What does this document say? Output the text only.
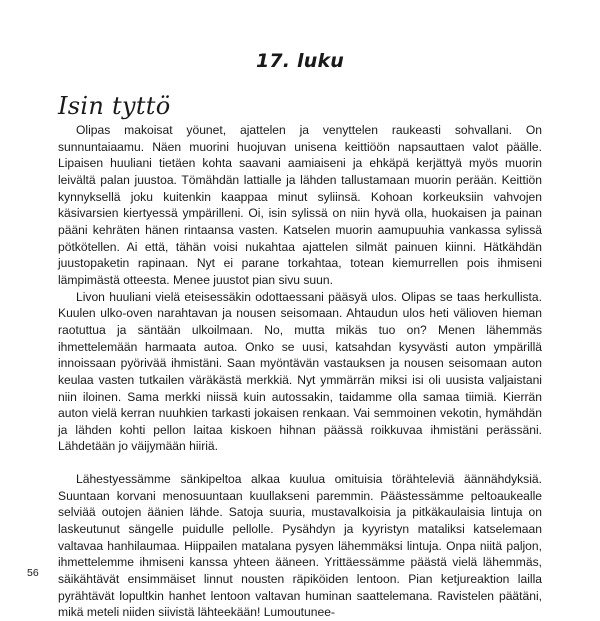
17. luku
Isin tyttö

Olipas makoisat yöunet, ajattelen ja venyttelen raukeasti sohvallani. On sunnuntaiaamu. Näen muorini huojuvan unisena keittiöön napsauttaen valot päälle. Lipaisen huuliani tietäen kohta saavani aamiaiseni ja ehkäpä kerjättyä myös muorin leivältä palan juustoa. Tömähdän lattialle ja lähden tallustamaan muorin perään. Keittiön kynnyksellä joku kuitenkin kaappaa minut syliinsä. Kohoan korkeuksiin vahvojen käsivarsien kiertyessä ympärilleni. Oi, isin sylissä on niin hyvä olla, huokaisen ja painan pääni kehräten hänen rintaansa vasten. Katselen muorin aamupuuhia vankassa sylissä pötkötellen. Ai että, tähän voisi nukahtaa ajattelen silmät painuen kiinni. Hätkähdän juustopaketin rapinaan. Nyt ei parane torkahtaa, totean kiemurrellen pois ihmiseni lämpimästä otteesta. Menee juustot pian sivu suun.

Livon huuliani vielä eteisessäkin odottaessani pääsyä ulos. Olipas se taas herkullista. Kuulen ulko-oven narahtavan ja nousen seisomaan. Ahtaudun ulos heti välioven hieman raotuttua ja säntään ulkoilmaan. No, mutta mikäs tuo on? Menen lähemmäs ihmettelemään harmaata autoa. Onko se uusi, katsahdan kysyvästi auton ympärillä innoissaan pyörivää ihmistäni. Saan myöntävän vastauksen ja nousen seisomaan auton keulaa vasten tutkailen väräkästä merkkiä. Nyt ymmärrän miksi isi oli uusista valjaistani niin iloinen. Sama merkki niissä kuin autossakin, taidamme olla samaa tiimiä. Kierrän auton vielä kerran nuuhkien tarkasti jokaisen renkaan. Vai semmoinen vekotin, hymähdän ja lähden kohti pellon laitaa kiskoen hihnan päässä roikkuvaa ihmistäni perässäni. Lähdetään jo väijymään hiiriä.

Lähestyessämme sänkipeltoa alkaa kuulua omituisia törähteleviä äännähdyksiä. Suuntaan korvani menosuuntaan kuullakseni paremmin. Päästessämme peltoaukealle selviää outojen äänien lähde. Satoja suuria, mustavalkoisia ja pitkäkaulaisia lintuja on laskeutunut sängelle puidulle pellolle. Pysähdyn ja kyyristyn mataliksi katselemaan valtavaa hanhilaumaa. Hiippailen matalana pysyen lähemmäksi lintuja. Onpa niitä paljon, ihmettelemme ihmiseni kanssa yhteen ääneen. Yrittäessämme päästä vielä lähemmäs, säikähtävät ensimmäiset linnut nousten räpiköiden lentoon. Pian ketjureaktion lailla pyrähtävät lopultkin hanhet lentoon valtavan huminan saattelemana. Ravistelen päätäni, mikä meteli niiden siivistä lähteekään! Lumoutunee-

56
